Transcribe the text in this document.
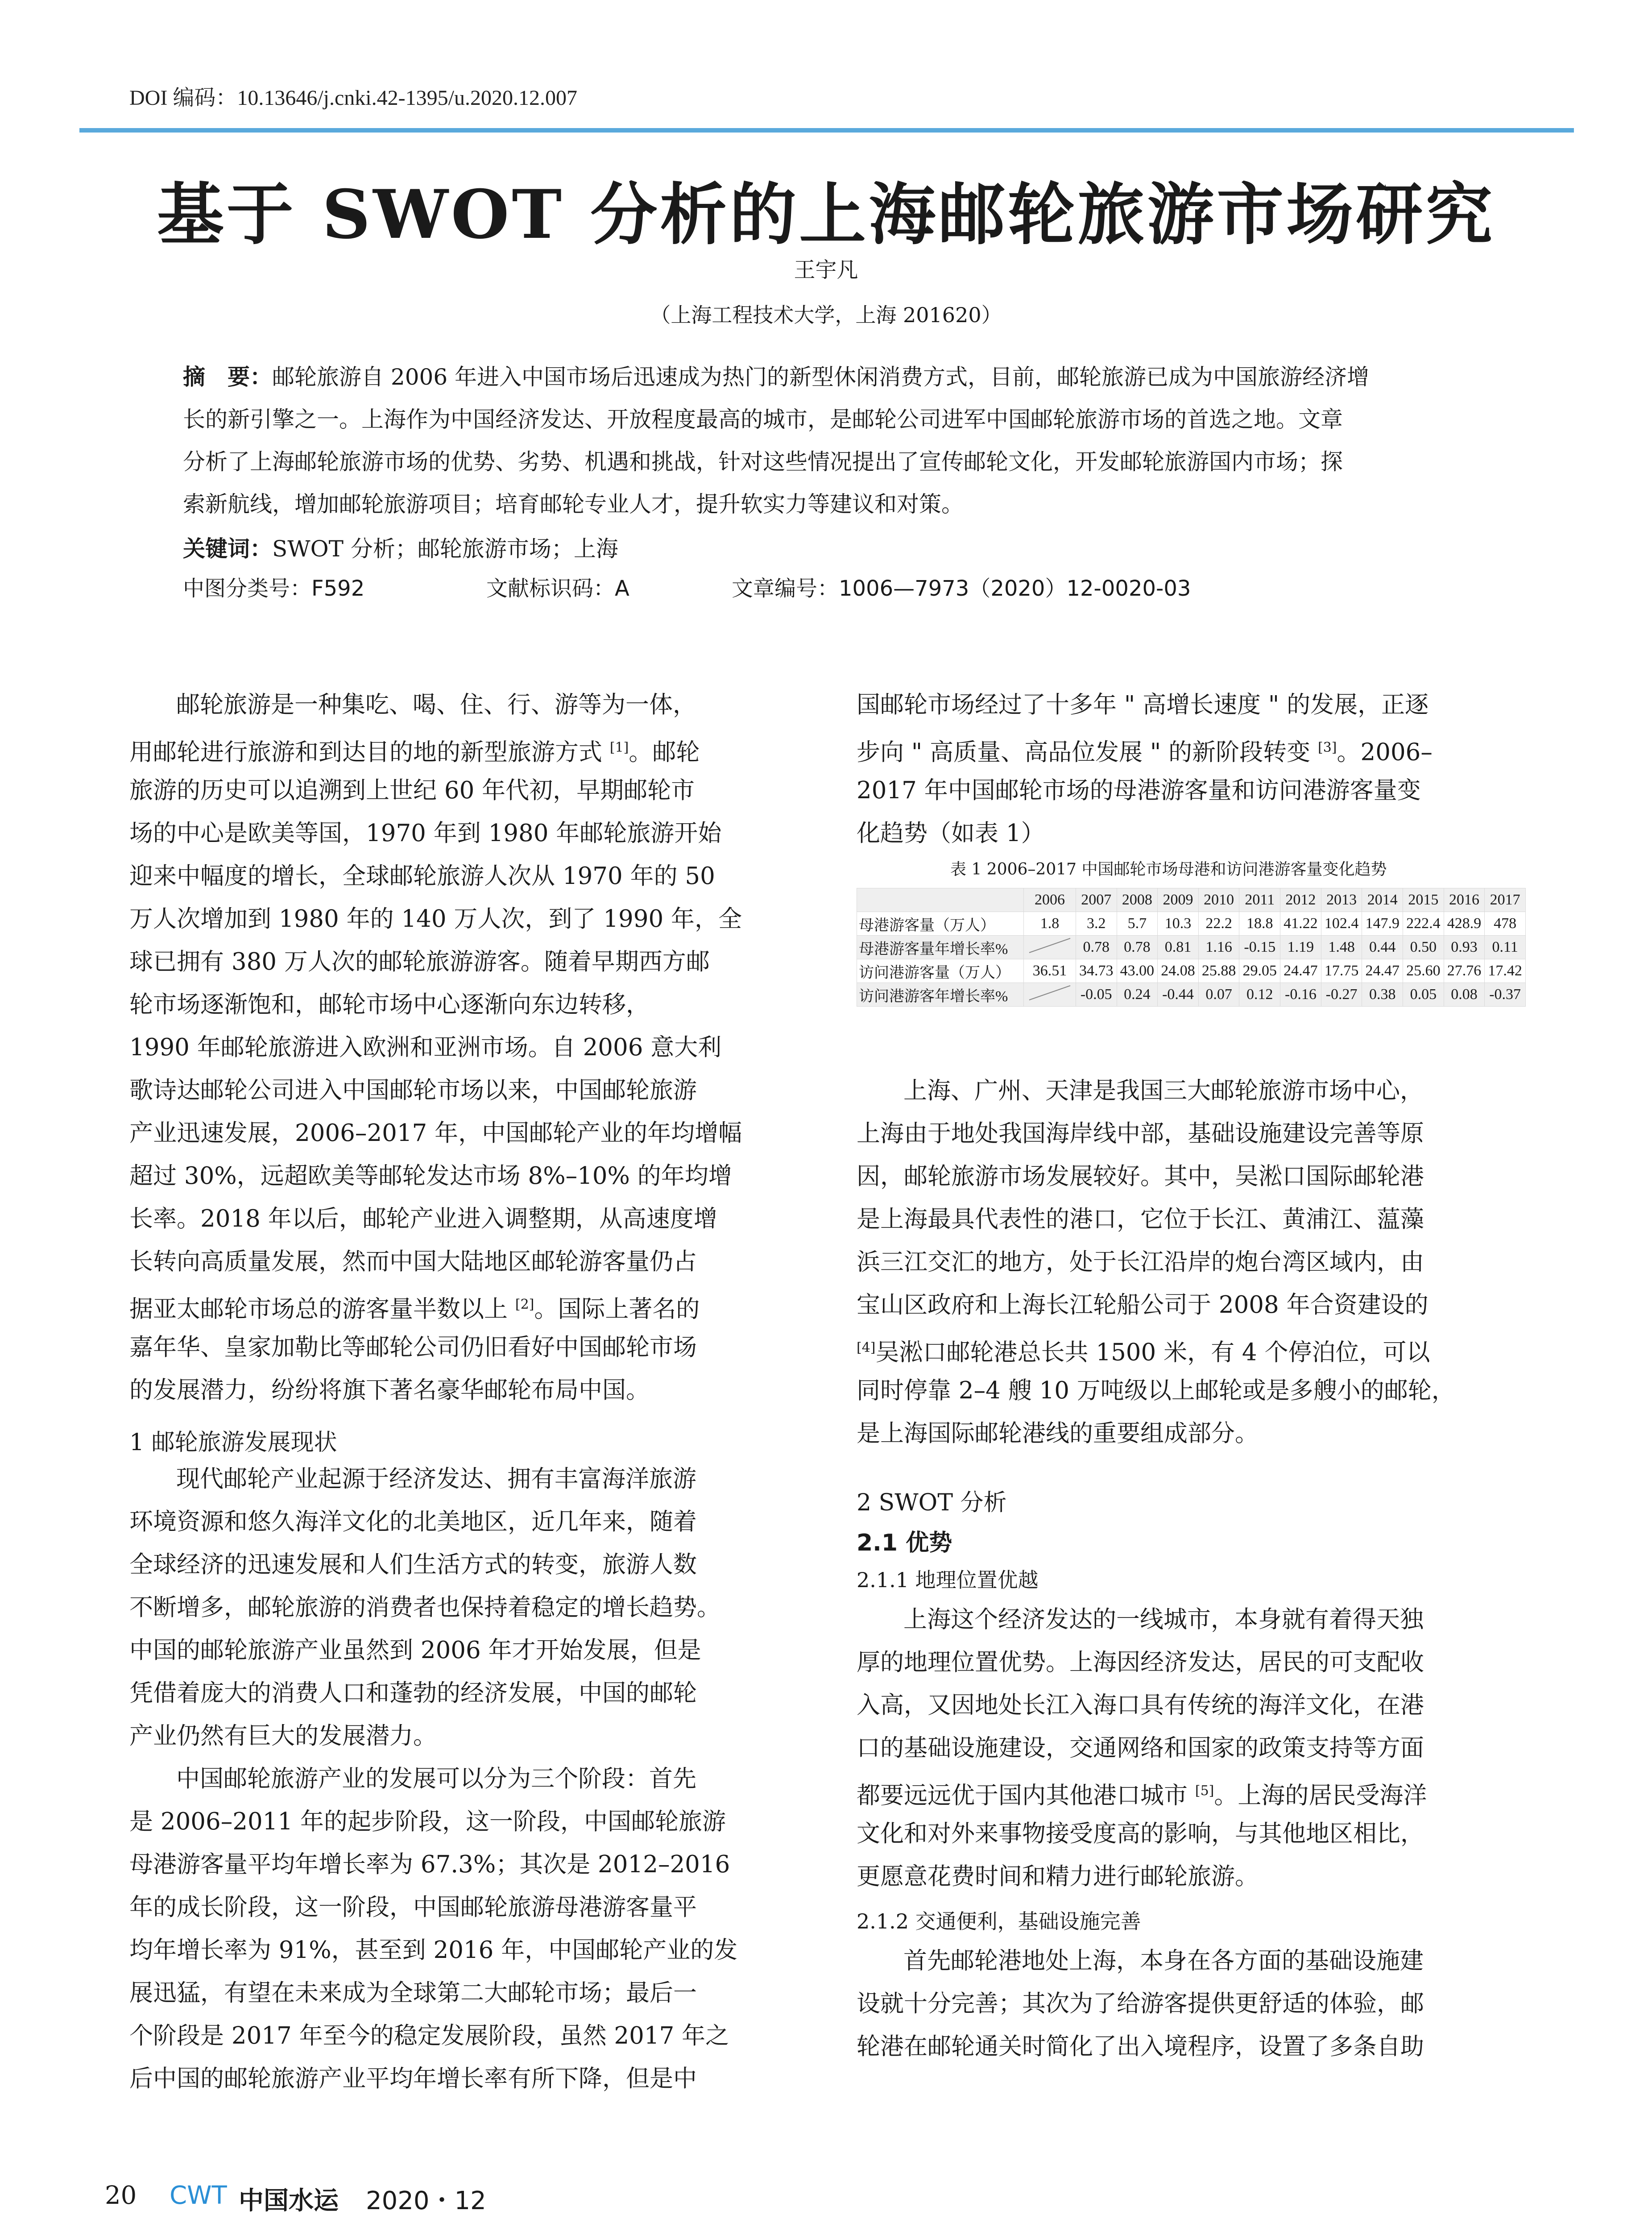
DOI 编码：10.13646/j.cnki.42-1395/u.2020.12.007
基于 SWOT 分析的上海邮轮旅游市场研究
王宇凡
（上海工程技术大学，上海 201620）
摘　要：邮轮旅游自 2006 年进入中国市场后迅速成为热门的新型休闲消费方式，目前，邮轮旅游已成为中国旅游经济增
长的新引擎之一。上海作为中国经济发达、开放程度最高的城市，是邮轮公司进军中国邮轮旅游市场的首选之地。文章
分析了上海邮轮旅游市场的优势、劣势、机遇和挑战，针对这些情况提出了宣传邮轮文化，开发邮轮旅游国内市场；探
索新航线，增加邮轮旅游项目；培育邮轮专业人才，提升软实力等建议和对策。
关键词：SWOT 分析；邮轮旅游市场；上海
中图分类号：F592	文献标识码：A	文章编号：1006—7973（2020）12-0020-03
邮轮旅游是一种集吃、喝、住、行、游等为一体，
用邮轮进行旅游和到达目的地的新型旅游方式 [1]。邮轮
旅游的历史可以追溯到上世纪 60 年代初，早期邮轮市
场的中心是欧美等国，1970 年到 1980 年邮轮旅游开始
迎来中幅度的增长，全球邮轮旅游人次从 1970 年的 50
万人次增加到 1980 年的 140 万人次，到了 1990 年，全
球已拥有 380 万人次的邮轮旅游游客。随着早期西方邮
轮市场逐渐饱和，邮轮市场中心逐渐向东边转移，
1990 年邮轮旅游进入欧洲和亚洲市场。自 2006 意大利
歌诗达邮轮公司进入中国邮轮市场以来，中国邮轮旅游
产业迅速发展，2006–2017 年，中国邮轮产业的年均增幅
超过 30%，远超欧美等邮轮发达市场 8%–10% 的年均增
长率。2018 年以后，邮轮产业进入调整期，从高速度增
长转向高质量发展，然而中国大陆地区邮轮游客量仍占
据亚太邮轮市场总的游客量半数以上 [2]。国际上著名的
嘉年华、皇家加勒比等邮轮公司仍旧看好中国邮轮市场
的发展潜力，纷纷将旗下著名豪华邮轮布局中国。
1 邮轮旅游发展现状
现代邮轮产业起源于经济发达、拥有丰富海洋旅游
环境资源和悠久海洋文化的北美地区，近几年来，随着
全球经济的迅速发展和人们生活方式的转变，旅游人数
不断增多，邮轮旅游的消费者也保持着稳定的增长趋势。
中国的邮轮旅游产业虽然到 2006 年才开始发展，但是
凭借着庞大的消费人口和蓬勃的经济发展，中国的邮轮
产业仍然有巨大的发展潜力。
中国邮轮旅游产业的发展可以分为三个阶段：首先
是 2006–2011 年的起步阶段，这一阶段，中国邮轮旅游
母港游客量平均年增长率为 67.3%；其次是 2012–2016
年的成长阶段，这一阶段，中国邮轮旅游母港游客量平
均年增长率为 91%，甚至到 2016 年，中国邮轮产业的发
展迅猛，有望在未来成为全球第二大邮轮市场；最后一
个阶段是 2017 年至今的稳定发展阶段，虽然 2017 年之
后中国的邮轮旅游产业平均年增长率有所下降，但是中
国邮轮市场经过了十多年 " 高增长速度 " 的发展，正逐
步向 " 高质量、高品位发展 " 的新阶段转变 [3]。2006–
2017 年中国邮轮市场的母港游客量和访问港游客量变
化趋势（如表 1）
表 1 2006–2017 中国邮轮市场母港和访问港游客量变化趋势
	2006	2007	2008	2009	2010	2011	2012	2013	2014	2015	2016	2017
母港游客量（万人）	1.8	3.2	5.7	10.3	22.2	18.8	41.22	102.4	147.9	222.4	428.9	478
母港游客量年增长率%		0.78	0.78	0.81	1.16	-0.15	1.19	1.48	0.44	0.50	0.93	0.11
访问港游客量（万人）	36.51	34.73	43.00	24.08	25.88	29.05	24.47	17.75	24.47	25.60	27.76	17.42
访问港游客年增长率%		-0.05	0.24	-0.44	0.07	0.12	-0.16	-0.27	0.38	0.05	0.08	-0.37
上海、广州、天津是我国三大邮轮旅游市场中心，
上海由于地处我国海岸线中部，基础设施建设完善等原
因，邮轮旅游市场发展较好。其中，吴淞口国际邮轮港
是上海最具代表性的港口，它位于长江、黄浦江、蕰藻
浜三江交汇的地方，处于长江沿岸的炮台湾区域内，由
宝山区政府和上海长江轮船公司于 2008 年合资建设的
[4]吴淞口邮轮港总长共 1500 米，有 4 个停泊位，可以
同时停靠 2–4 艘 10 万吨级以上邮轮或是多艘小的邮轮，
是上海国际邮轮港线的重要组成部分。
2 SWOT 分析
2.1 优势
2.1.1 地理位置优越
上海这个经济发达的一线城市，本身就有着得天独
厚的地理位置优势。上海因经济发达，居民的可支配收
入高，又因地处长江入海口具有传统的海洋文化，在港
口的基础设施建设，交通网络和国家的政策支持等方面
都要远远优于国内其他港口城市 [5]。上海的居民受海洋
文化和对外来事物接受度高的影响，与其他地区相比，
更愿意花费时间和精力进行邮轮旅游。
2.1.2 交通便利，基础设施完善
首先邮轮港地处上海，本身在各方面的基础设施建
设就十分完善；其次为了给游客提供更舒适的体验，邮
轮港在邮轮通关时简化了出入境程序，设置了多条自助
20 CWT 中国水运 2020・12
